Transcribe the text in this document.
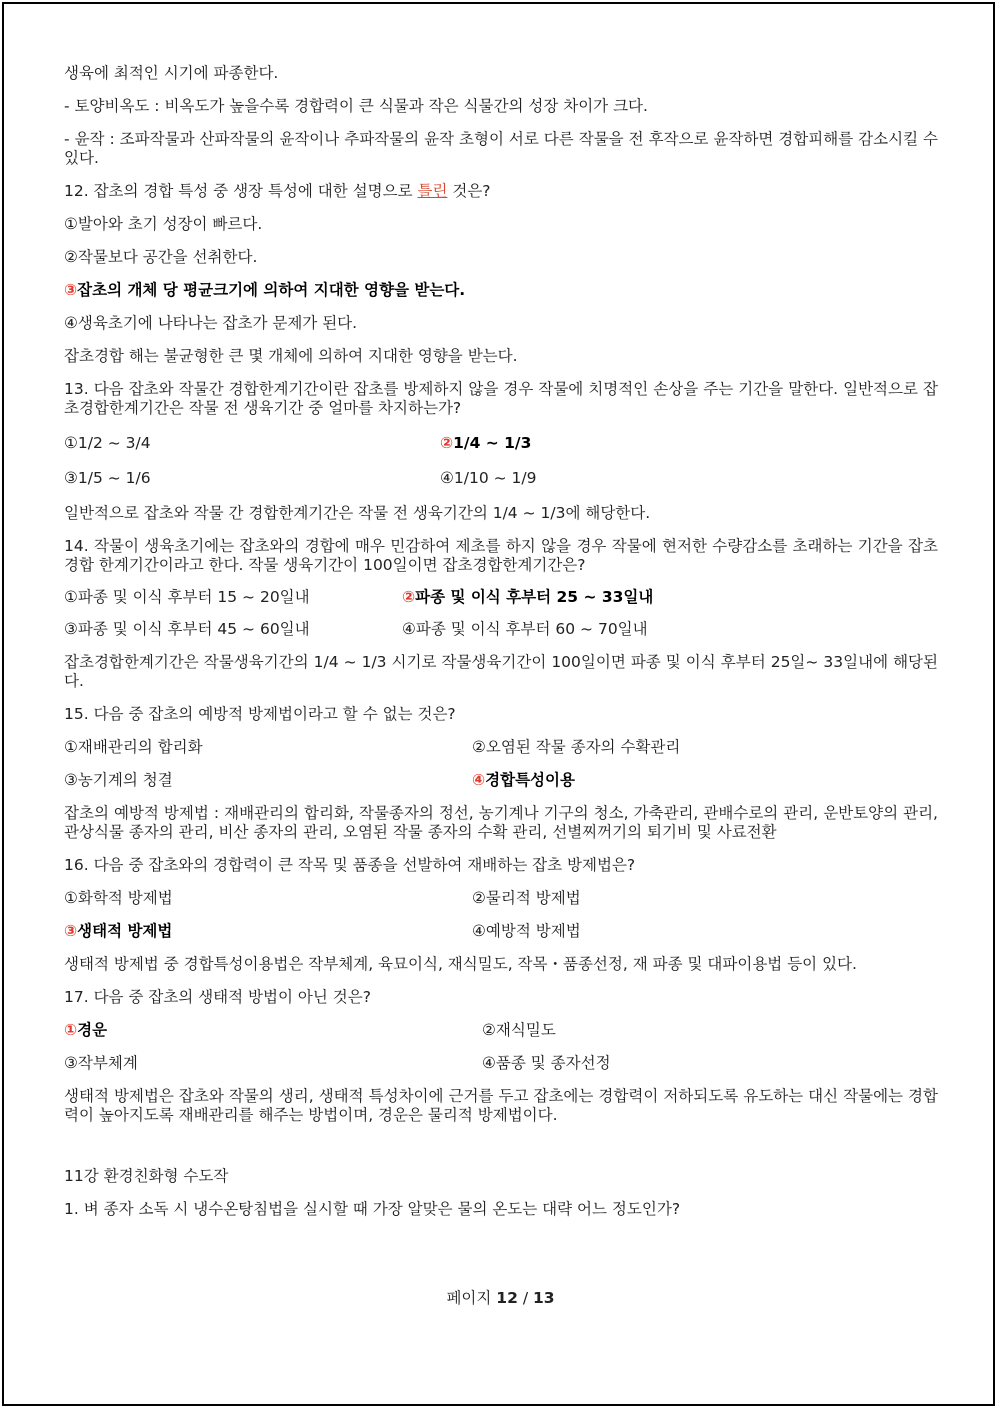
생육에 최적인 시기에 파종한다.

- 토양비옥도 : 비옥도가 높을수록 경합력이 큰 식물과 작은 식물간의 성장 차이가 크다.

- 윤작 : 조파작물과 산파작물의 윤작이나 추파작물의 윤작 초형이 서로 다른 작물을 전 후작으로 윤작하면 경합피해를 감소시킬 수 있다.

12. 잡초의 경합 특성 중 생장 특성에 대한 설명으로 틀린 것은?

①발아와 초기 성장이 빠르다.

②작물보다 공간을 선취한다.

③잡초의 개체 당 평균크기에 의하여 지대한 영향을 받는다.

④생육초기에 나타나는 잡초가 문제가 된다.

잡초경합 해는 불균형한 큰 몇 개체에 의하여 지대한 영향을 받는다.

13. 다음 잡초와 작물간 경합한계기간이란 잡초를 방제하지 않을 경우 작물에 치명적인 손상을 주는 기간을 말한다. 일반적으로 잡초경합한계기간은 작물 전 생육기간 중 얼마를 차지하는가?

①1/2 ~ 3/4	②1/4 ~ 1/3
③1/5 ~ 1/6	④1/10 ~ 1/9

일반적으로 잡초와 작물 간 경합한계기간은 작물 전 생육기간의 1/4 ~ 1/3에 해당한다.

14. 작물이 생육초기에는 잡초와의 경합에 매우 민감하여 제초를 하지 않을 경우 작물에 현저한 수량감소를 초래하는 기간을 잡초경합 한계기간이라고 한다. 작물 생육기간이 100일이면 잡초경합한계기간은?

①파종 및 이식 후부터 15 ~ 20일내	②파종 및 이식 후부터 25 ~ 33일내
③파종 및 이식 후부터 45 ~ 60일내	④파종 및 이식 후부터 60 ~ 70일내

잡초경합한계기간은 작물생육기간의 1/4 ~ 1/3 시기로 작물생육기간이 100일이면 파종 및 이식 후부터 25일~ 33일내에 해당된다.

15. 다음 중 잡초의 예방적 방제법이라고 할 수 없는 것은?

①재배관리의 합리화	②오염된 작물 종자의 수확관리
③농기계의 청결	④경합특성이용

잡초의 예방적 방제법 : 재배관리의 합리화, 작물종자의 정선, 농기계나 기구의 청소, 가축관리, 관배수로의 관리, 운반토양의 관리, 관상식물 종자의 관리, 비산 종자의 관리, 오염된 작물 종자의 수확 관리, 선별찌꺼기의 퇴기비 및 사료전환

16. 다음 중 잡초와의 경합력이 큰 작목 및 품종을 선발하여 재배하는 잡초 방제법은?

①화학적 방제법	②물리적 방제법
③생태적 방제법	④예방적 방제법

생태적 방제법 중 경합특성이용법은 작부체계, 육묘이식, 재식밀도, 작목・품종선정, 재 파종 및 대파이용법 등이 있다.

17. 다음 중 잡초의 생태적 방법이 아닌 것은?

①경운	②재식밀도
③작부체계	④품종 및 종자선정

생태적 방제법은 잡초와 작물의 생리, 생태적 특성차이에 근거를 두고 잡초에는 경합력이 저하되도록 유도하는 대신 작물에는 경합력이 높아지도록 재배관리를 해주는 방법이며, 경운은 물리적 방제법이다.

11강 환경친화형 수도작

1. 벼 종자 소독 시 냉수온탕침법을 실시할 때 가장 알맞은 물의 온도는 대략 어느 정도인가?

페이지 12 / 13
